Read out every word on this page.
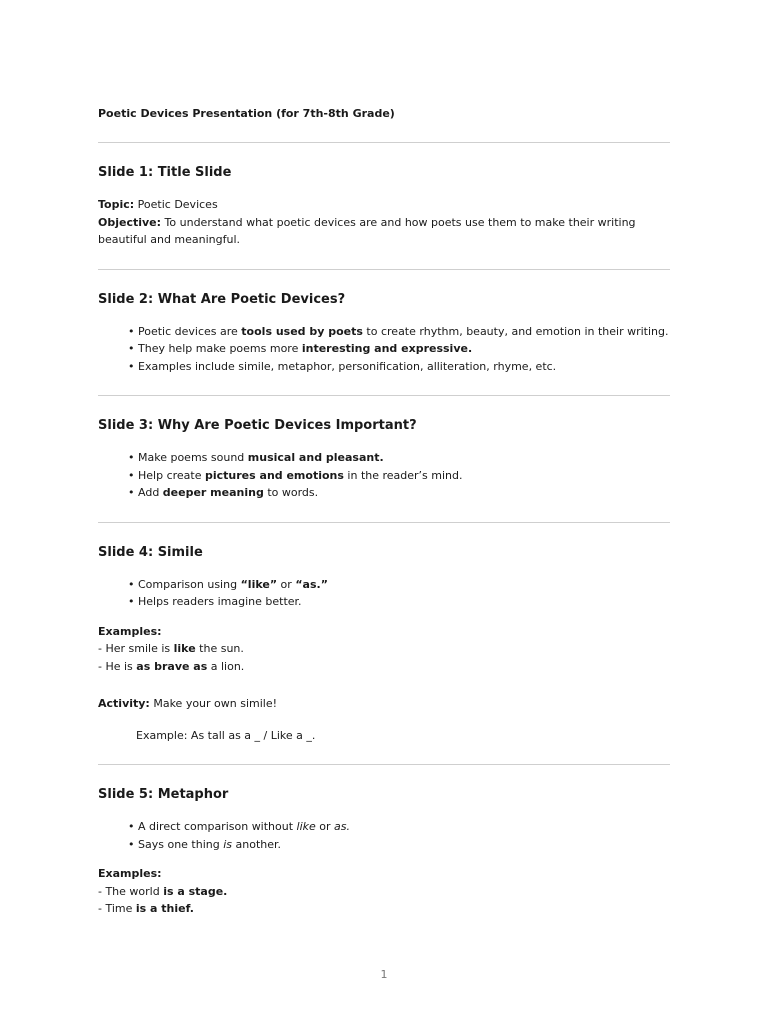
Poetic Devices Presentation (for 7th-8th Grade)

Slide 1: Title Slide

Topic: Poetic Devices

Objective: To understand what poetic devices are and how poets use them to make their writing beautiful and meaningful.

Slide 2: What Are Poetic Devices?
• Poetic devices are tools used by poets to create rhythm, beauty, and emotion in their writing.
• They help make poems more interesting and expressive.
• Examples include simile, metaphor, personification, alliteration, rhyme, etc.
Slide 3: Why Are Poetic Devices Important?
• Make poems sound musical and pleasant.
• Help create pictures and emotions in the reader’s mind.
• Add deeper meaning to words.
Slide 4: Simile
• Comparison using “like” or “as.”
• Helps readers imagine better.

Examples:

- Her smile is like the sun.

- He is as brave as a lion.

Activity: Make your own simile!

Example: As tall as a _ / Like a _.
Slide 5: Metaphor
• A direct comparison without like or as.
• Says one thing is another.

Examples:

- The world is a stage.

- Time is a thief.

1
